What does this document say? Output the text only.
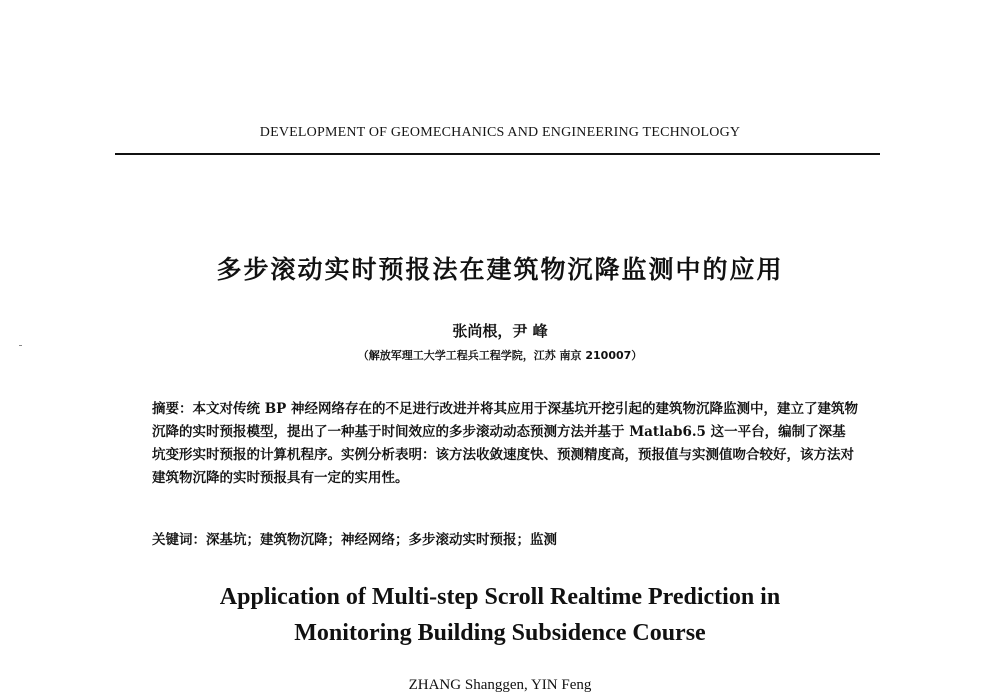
DEVELOPMENT OF GEOMECHANICS AND ENGINEERING TECHNOLOGY
多步滚动实时预报法在建筑物沉降监测中的应用
张尚根，尹 峰
（解放军理工大学工程兵工程学院，江苏 南京 210007）
摘要：本文对传统 BP 神经网络存在的不足进行改进并将其应用于深基坑开挖引起的建筑物沉降监测中，建立了建筑物沉降的实时预报模型，提出了一种基于时间效应的多步滚动动态预测方法并基于 Matlab6.5 这一平台，编制了深基坑变形实时预报的计算机程序。实例分析表明：该方法收敛速度快、预测精度高，预报值与实测值吻合较好，该方法对建筑物沉降的实时预报具有一定的实用性。
关键词：深基坑；建筑物沉降；神经网络；多步滚动实时预报；监测
Application of Multi-step Scroll Realtime Prediction in
Monitoring Building Subsidence Course
ZHANG Shanggen, YIN Feng
